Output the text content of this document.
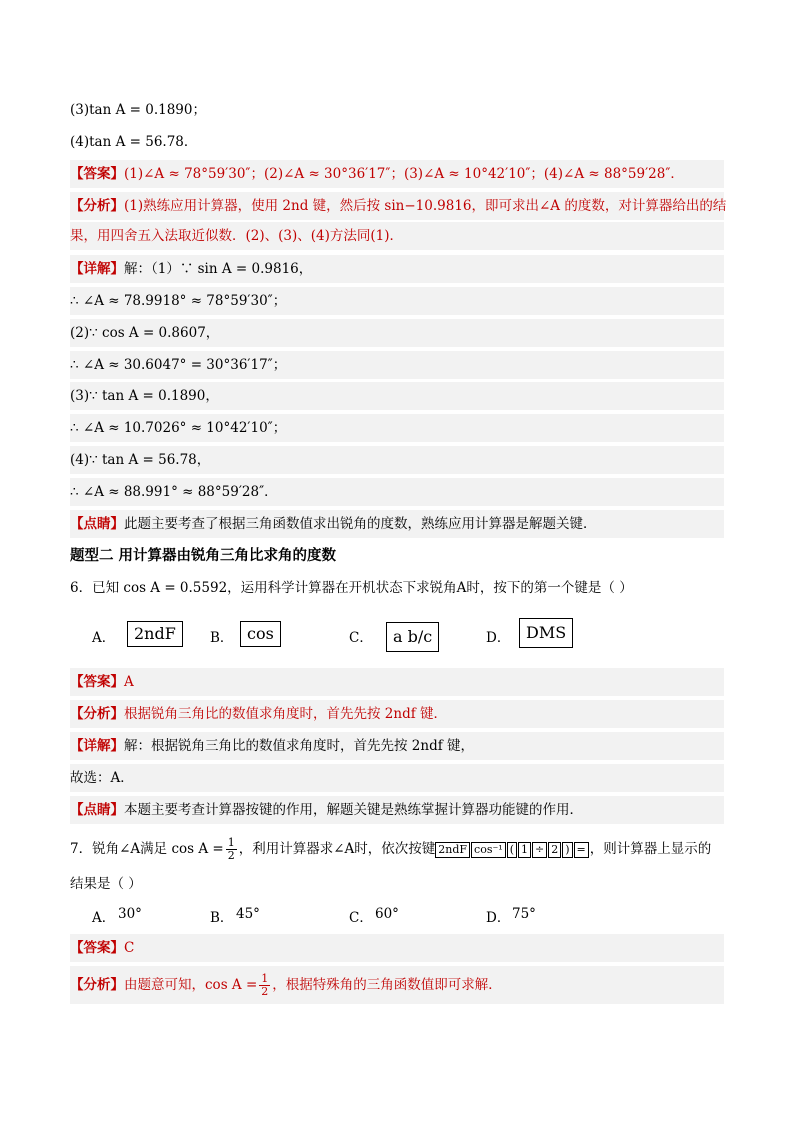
(3)tan A = 0.1890；
(4)tan A = 56.78．
【答案】(1)∠A ≈ 78°59′30″；(2)∠A ≈ 30°36′17″；(3)∠A ≈ 10°42′10″；(4)∠A ≈ 88°59′28″．
【分析】(1)熟练应用计算器，使用 2nd 键，然后按 sin−10.9816，即可求出∠A 的度数，对计算器给出的结
果，用四舍五入法取近似数．(2)、(3)、(4)方法同(1)．
【详解】解：（1）∵ sin A = 0.9816，
∴ ∠A ≈ 78.9918° ≈ 78°59′30″；
(2)∵ cos A = 0.8607，
∴ ∠A ≈ 30.6047° = 30°36′17″；
(3)∵ tan A = 0.1890，
∴ ∠A ≈ 10.7026° ≈ 10°42′10″；
(4)∵ tan A = 56.78，
∴ ∠A ≈ 88.991° ≈ 88°59′28″．
【点睛】此题主要考查了根据三角函数值求出锐角的度数，熟练应用计算器是解题关键．
题型二 用计算器由锐角三角比求角的度数
6．已知 cos A = 0.5592，运用科学计算器在开机状态下求锐角A时，按下的第一个键是（ ）
A．	2ndF	B． cos	C．	a b/c	D． DMS
【答案】A
【分析】根据锐角三角比的数值求角度时，首先先按 2ndf 键．
【详解】解：根据锐角三角比的数值求角度时，首先先按 2ndf 键，
故选：A．
【点睛】本题主要考查计算器按键的作用，解题关键是熟练掌握计算器功能键的作用．
7．锐角∠A满足 $\cos A = \frac{1}{2}$ ，利用计算器求∠A时，依次按键 2ndF cos⁻¹ ( 1 ÷ 2 ) = ，则计算器上显示的
结果是（ ）
A． 30°	B． 45°	C． 60°	D． 75°
【答案】C
【分析】由题意可知，$\cos A = \frac{1}{2}$ ，根据特殊角的三角函数值即可求解．
